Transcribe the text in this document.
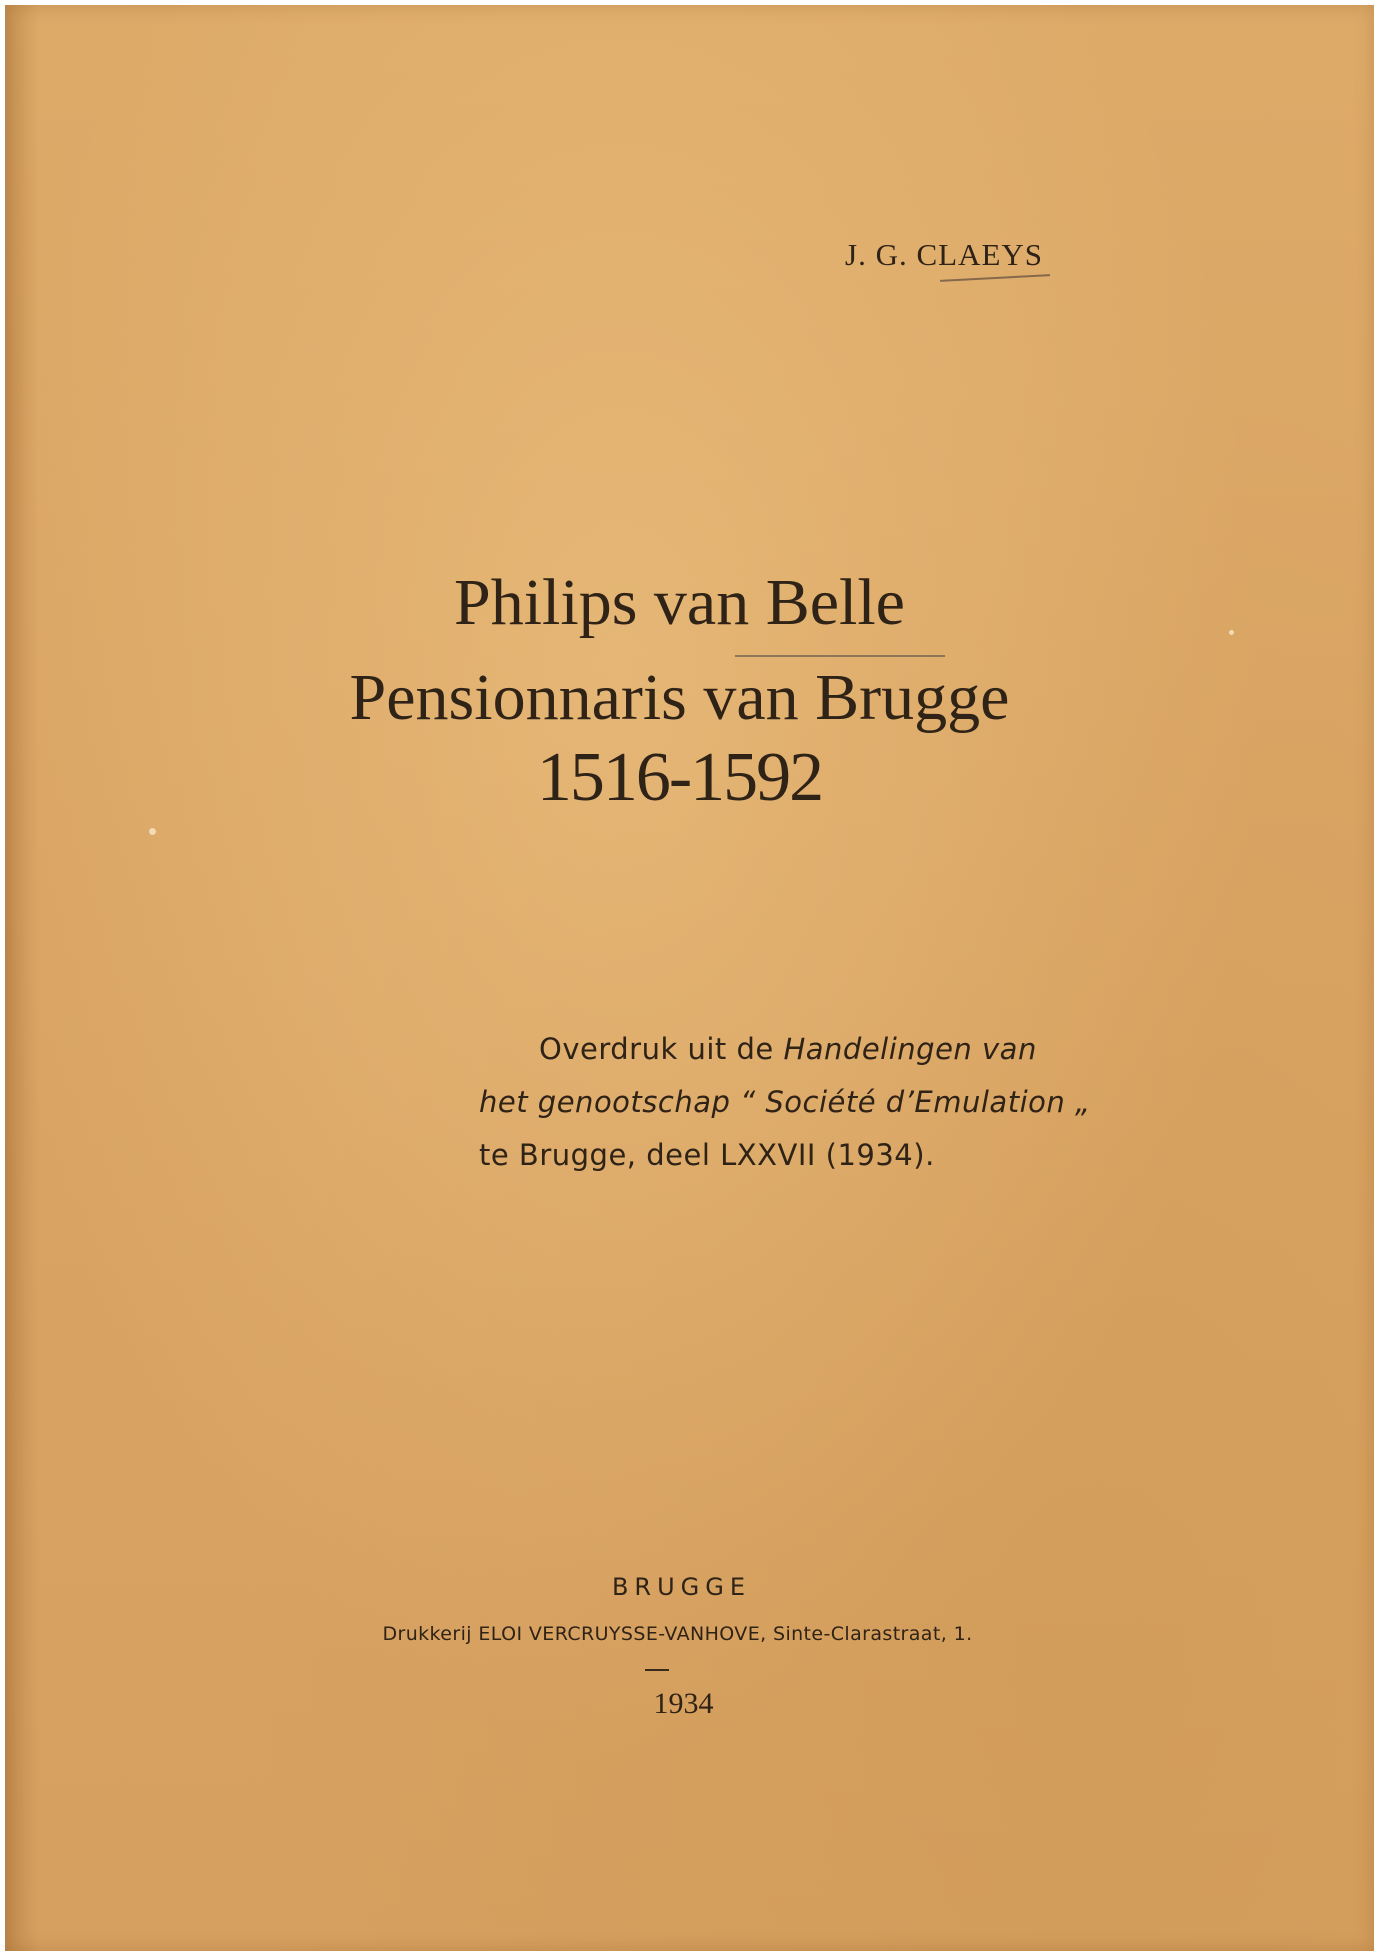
J. G. CLAEYS

Philips van Belle

Pensionnaris van Brugge

1516-1592

Overdruk uit de Handelingen van
het genootschap “ Société d’Emulation „
te Brugge, deel LXXVII (1934).

BRUGGE

Drukkerij ELOI VERCRUYSSE-VANHOVE, Sinte-Clarastraat, 1.

1934
